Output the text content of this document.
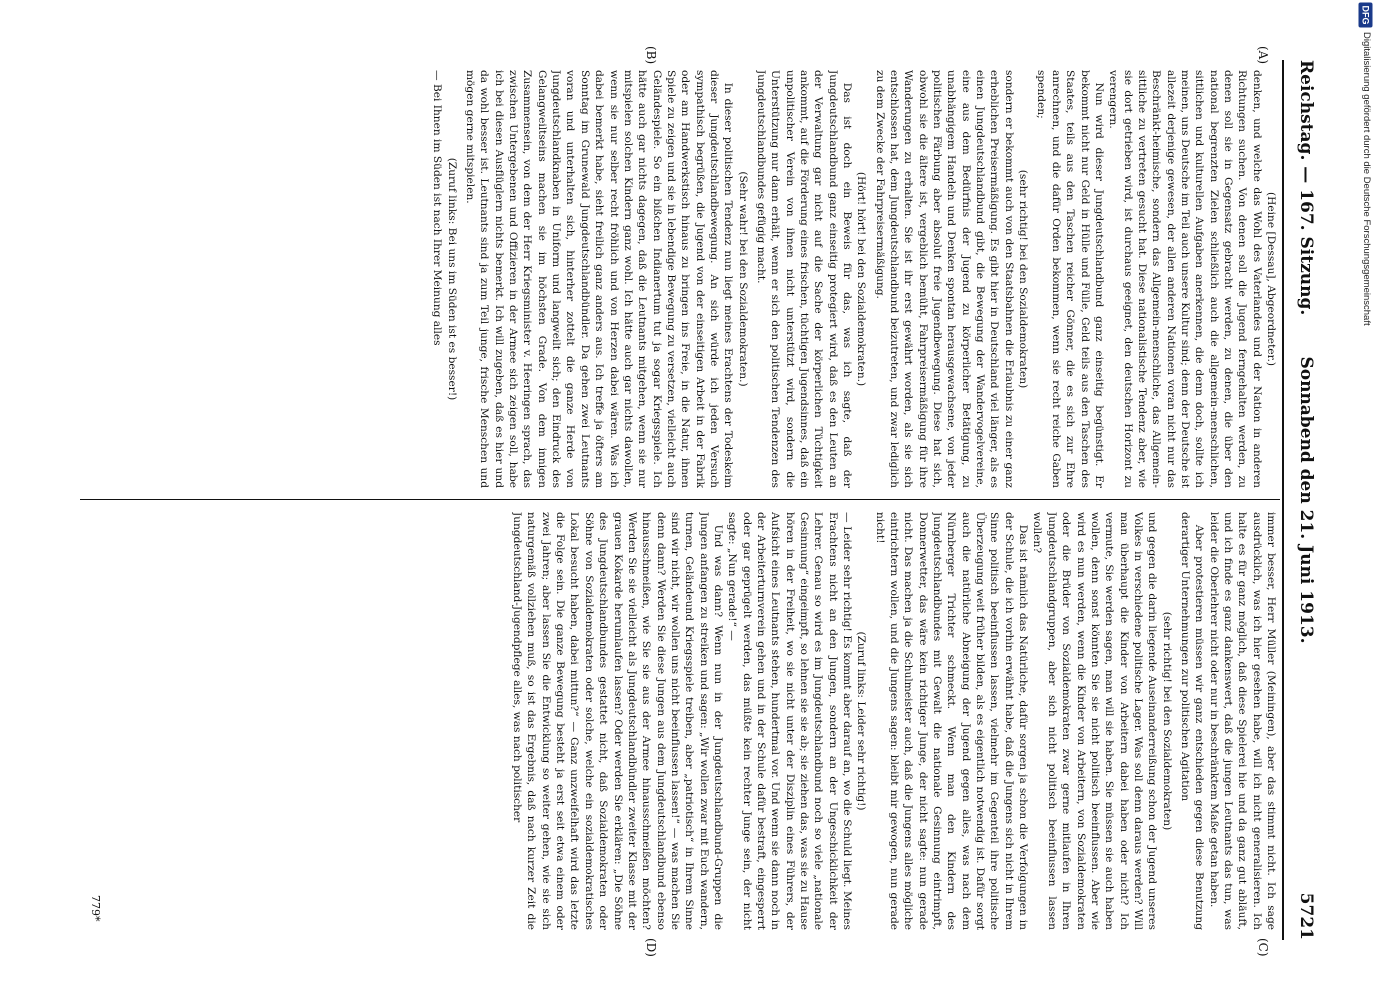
Reichstag. — 167. Sitzung.
Sonnabend den 21. Juni 1913.
5721
(A)
(B)
(C)
(D)

(Heine [Dessau], Abgeordneter.)

denken, und welche das Wohl des Vaterlandes und der Nation in anderen Richtungen suchen. Von denen soll die Jugend ferngehalten werden, zu denen soll sie in Gegensatz gebracht werden, zu denen, die über den national begrenzten Zielen schließlich auch die allgemein-menschlichen, sittlichen und kulturellen Aufgaben anerkennen, die denn doch, sollte ich meinen, uns Deutsche im Teil auch unsere Kultur sind; denn der Deutsche ist allezeit derjenige gewesen, der allen anderen Nationen voran nicht nur das Beschränkt-heimische, sondern das Allgemein-menschliche, das Allgemein-sittliche zu vertreten gesucht hat. Diese nationalistische Tendenz aber, wie sie dort getrieben wird, ist durchaus geeignet, den deutschen Horizont zu verengern.

Nun wird dieser Jungdeutschlandbund ganz einseitig begünstigt. Er bekommt nicht nur Geld in Hülle und Fülle, Geld teils aus den Taschen des Staates, teils aus den Taschen reicher Gönner, die es sich zur Ehre anrechnen, und die dafür Orden bekommen, wenn sie recht reiche Gaben spenden;

(sehr richtig! bei den Sozialdemokraten)

sondern er bekommt auch von den Staatsbahnen die Erlaubnis zu einer ganz erheblichen Preisermäßigung. Es gibt hier in Deutschland viel länger, als es einen Jungdeutschlandbund gibt, die Bewegung der Wandervogelvereine, eine aus dem Bedürfnis der Jugend zu körperlicher Betätigung, zu unabhängigem Handeln und Denken spontan herausgewachsene, von jeder politischen Färbung aber absolut freie Jugendbewegung. Diese hat sich, obwohl sie die ältere ist, vergeblich bemüht, Fahrpreisermäßigung für ihre Wanderungen zu erhalten. Sie ist ihr erst gewährt worden, als sie sich entschlossen hat, dem Jungdeutschlandbund beizutreten, und zwar lediglich zu dem Zwecke der Fahrpreisermäßigung.

(Hört! hört! bei den Sozialdemokraten.)

Das ist doch ein Beweis für das, was ich sagte, daß der Jungdeutschlandbund ganz einseitig protegiert wird, daß es den Leuten an der Verwaltung gar nicht auf die Sache der körperlichen Tüchtigkeit ankommt, auf die Förderung eines frischen, tüchtigen Jugendsinnes, daß ein unpolitischer Verein von ihnen nicht unterstützt wird, sondern die Unterstützung nur dann erhält, wenn er sich den politischen Tendenzen des Jungdeutschlandbundes gefügig macht.

(Sehr wahr! bei den Sozialdemokraten.)

In dieser politischen Tendenz nun liegt meines Erachtens der Todeskeim dieser Jungdeutschlandbewegung. An sich würde ich jeden Versuch sympathisch begrüßen, die Jugend von der einseitigen Arbeit in der Fabrik oder am Handwerkstisch hinaus zu bringen ins Freie, in die Natur, ihnen Spiele zu zeigen und sie in lebendige Bewegung zu versetzen, vielleicht auch Geländespiele. So ein bißchen Indianertum tut ja sogar Kriegsspiele. Ich hätte auch gar nichts dagegen, daß die Leutnants mitgehen, wenn sie nur mitspielen solchen Kindern ganz wohl. Ich hätte auch gar nichts dawollen, wenn sie nur selber recht fröhlich und von Herzen dabei wären. Was ich dabei bemerkt habe, sieht freilich ganz anders aus. Ich treffe ja öfters am Sonntag im Grunewald Jungdeutschlandbündler. Da gehen zwei Leutnants voran und unterhalten sich, hinterher zottelt die ganze Herde von Jungdeutschlandknaben in Uniform und langweilt sich; den Eindruck des Gelangweiltseins machen sie im höchsten Grade. Von dem innigen Zusammensein, von dem der Herr Kriegsminister v. Heeringen sprach, das zwischen Untergebenen und Offizieren in der Armee sich zeigen soll, habe ich bei diesen Ausflüglern nichts bemerkt. Ich will zugeben, daß es hier und da wohl besser ist. Leutnants sind ja zum Teil junge, frische Menschen und mögen gerne mitspielen.

(Zuruf links: Bei uns im Süden ist es besser!)

— Bei Ihnen im Süden ist nach Ihrer Meinung alles

immer besser, Herr Müller (Meiningen), aber das stimmt nicht. Ich sage ausdrücklich, was ich hier gesehen habe, will ich nicht generalisieren. Ich halte es für ganz möglich, daß diese Spielerei hie und da ganz gut abläuft, und ich finde es ganz dankenswert, daß die jungen Leutnants das tun, was leider die Oberlehrer nicht oder nur in beschränktem Maße getan haben.

Aber protestieren müssen wir ganz entschieden gegen diese Benutzung derartiger Unternehmungen zur politischen Agitation

(sehr richtig! bei den Sozialdemokraten)

und gegen die darin liegende Auseinanderreißung schon der Jugend unseres Volkes in verschiedene politische Lager. Was soll denn daraus werden? Will man überhaupt die Kinder von Arbeitern dabei haben oder nicht? Ich vermute, Sie werden sagen, man will sie haben. Sie müssen sie auch haben wollen, denn sonst könnten Sie sie nicht politisch beeinflussen. Aber wie wird es nun werden, wenn die Kinder von Arbeitern, von Sozialdemokraten oder die Brüder von Sozialdemokraten zwar gerne mitlaufen in Ihren Jungdeutschlandgruppen, aber sich nicht politisch beeinflussen lassen wollen?

Das ist nämlich das Natürliche, dafür sorgen ja schon die Verfolgungen in der Schule, die ich vorhin erwähnt habe, daß die Jungens sich nicht in Ihrem Sinne politisch beeinflussen lassen, vielmehr im Gegenteil ihre politische Überzeugung weit früher bilden, als es eigentlich notwendig ist. Dafür sorgt auch die natürliche Abneigung der Jugend gegen alles, was nach dem Nürnberger Trichter schmeckt. Wenn man den Kindern des Jungdeutschlandbundes mit Gewalt die nationale Gesinnung eintrimpft, Donnerwetter, das wäre kein richtiger Junge, der nicht sagte: nun gerade nicht. Das machen ja die Schulmeister auch, daß die Jungens alles mögliche eintrichtern wollen, und die Jungens sagen: bleibt mir gewogen, nun gerade nicht!

(Zuruf links: Leider sehr richtig!)

— Leider sehr richtig! Es kommt aber darauf an, wo die Schuld liegt. Meines Erachtens nicht an den Jungen, sondern an der Ungeschicklichkeit der Lehrer. Genau so wird es im Jungdeutschlandbund noch so viele „nationale Gesinnung“ eingeimpft, so lehnen sie sie ab; sie ziehen das, was sie zu Hause hören in der Freiheit, wo sie nicht unter der Disziplin eines Führers, der Aufsicht eines Leutnants stehen, hundertmal vor. Und wenn sie dann noch in der Arbeiterturnverein gehen und in der Schule dafür bestraft, eingesperrt oder gar geprügelt werden, das müßte kein rechter Junge sein, der nicht sagte: „Nun gerade!“ —

Und was dann? Wenn nun in der Jungdeutschlandbund-Gruppen die Jungen anfangen zu streiken und sagen: „Wir wollen zwar mit Euch wandern, turnen, Geländeund Kriegsspiele treiben, aber „patriotisch“ in Ihrem Sinne sind wir nicht, wir wollen uns nicht beeinflussen lassen!“ — was machen Sie denn dann? Werden Sie diese Jungen aus dem Jungdeutschlandbund ebenso hinausschmeißen, wie Sie sie aus der Armee hinausschmeißen möchten? Werden Sie sie vielleicht als Jungdeutschlandbündler zweiter Klasse mit der grauen Kokarde herumlaufen lassen? Oder werden Sie erklären: „Die Söhne des Jungdeutschlandbundes gestattet nicht, daß Sozialdemokraten oder Söhne von Sozialdemokraten oder solche, welche ein sozialdemokratisches Lokal besucht haben, dabei mittun?“ — Ganz unzweifelhaft wird das letzte die Folge sein. Die ganze Bewegung besteht ja erst seit etwa einem oder zwei Jahren; aber lassen Sie die Entwicklung so weiter gehen, wie sie sich naturgemäß vollziehen muß, so ist das Ergebnis, daß nach kurzer Zeit die Jungdeutschland-Jugendpflege alles, was nach politischer

779*
DFG
Digitalisierung gefördert durch die Deutsche Forschungsgemeinschaft
